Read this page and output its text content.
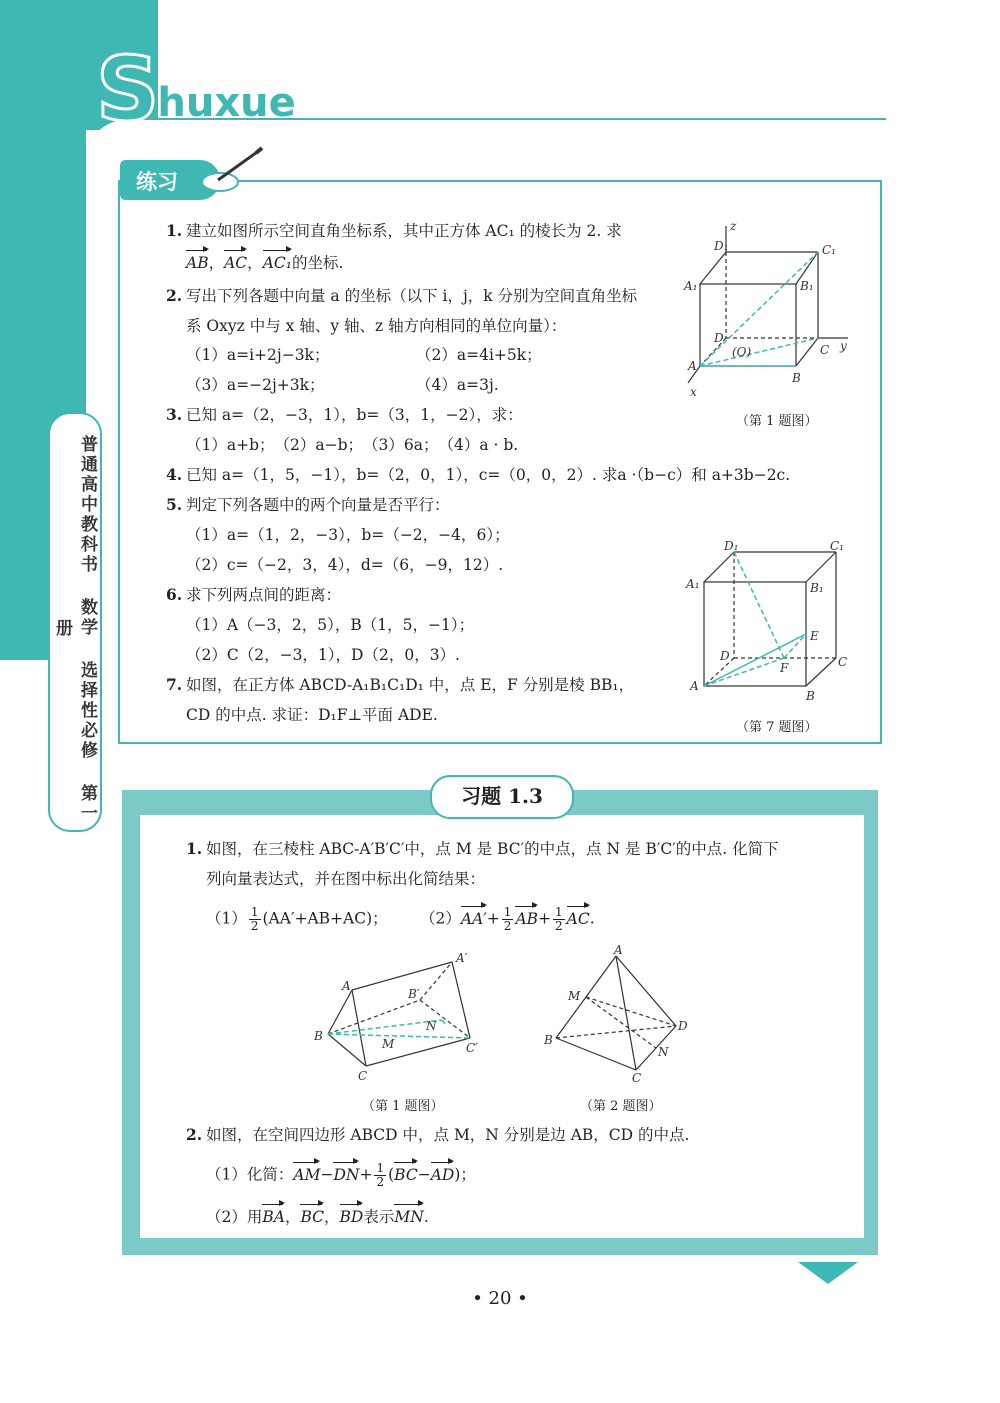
Shuxue
普通高中教科书 数学 选择性必修 第一册
练习
1. 建立如图所示空间直角坐标系，其中正方体 AC₁ 的棱长为 2. 求
AB，AC，AC₁的坐标.
2. 写出下列各题中向量 a 的坐标（以下 i，j，k 分别为空间直角坐标
系 Oxyz 中与 x 轴、y 轴、z 轴方向相同的单位向量）：
（1）a=i+2j−3k；	（2）a=4i+5k；
（3）a=−2j+3k；	（4）a=3j.
3. 已知 a=（2，−3，1），b=（3，1，−2），求：
（1）a+b；　（2）a−b；　（3）6a；　（4）a · b.
4. 已知 a=（1，5，−1），b=（2，0，1），c=（0，0，2）. 求a ·（b−c）和 a+3b−2c.
5. 判定下列各题中的两个向量是否平行：
（1）a=（1，2，−3），b=（−2，−4，6）；
（2）c=（−2，3，4），d=（6，−9，12）.
6. 求下列两点间的距离：
（1）A（−3，2，5），B（1，5，−1）；
（2）C（2，−3，1），D（2，0，3）.
7. 如图，在正方体 ABCD-A₁B₁C₁D₁ 中，点 E，F 分别是棱 BB₁，
CD 的中点. 求证：D₁F⊥平面 ADE.
z
D₁	C₁
A₁	B₁
D
(O)	C y
A
B
x
（第 1 题图）
D₁	C₁
A₁	B₁
E
D	C
F
A
B
（第 7 题图）
习题 1.3
1. 如图，在三棱柱 ABC-A′B′C′中，点 M 是 BC′的中点，点 N 是 B′C′的中点. 化简下
列向量表达式，并在图中标出化简结果：
$(1) \frac{1}{2} (AA'+AB+AC)$； $(2)AA'+ \frac{1}{2} AB+ \frac{1}{2}$ AC.
A
A′
B′
N
B
M	C′
C
（第 1 题图）
A
M
D
B
N
C
（第 2 题图）
2. 如图，在空间四边形 ABCD 中，点 M，N 分别是边 AB，CD 的中点.
（1）化简：$AM-DN+ \frac{1}{2} (BC-AD)$；
（2）用BA，BC，BD表示MN.
• 20 •
